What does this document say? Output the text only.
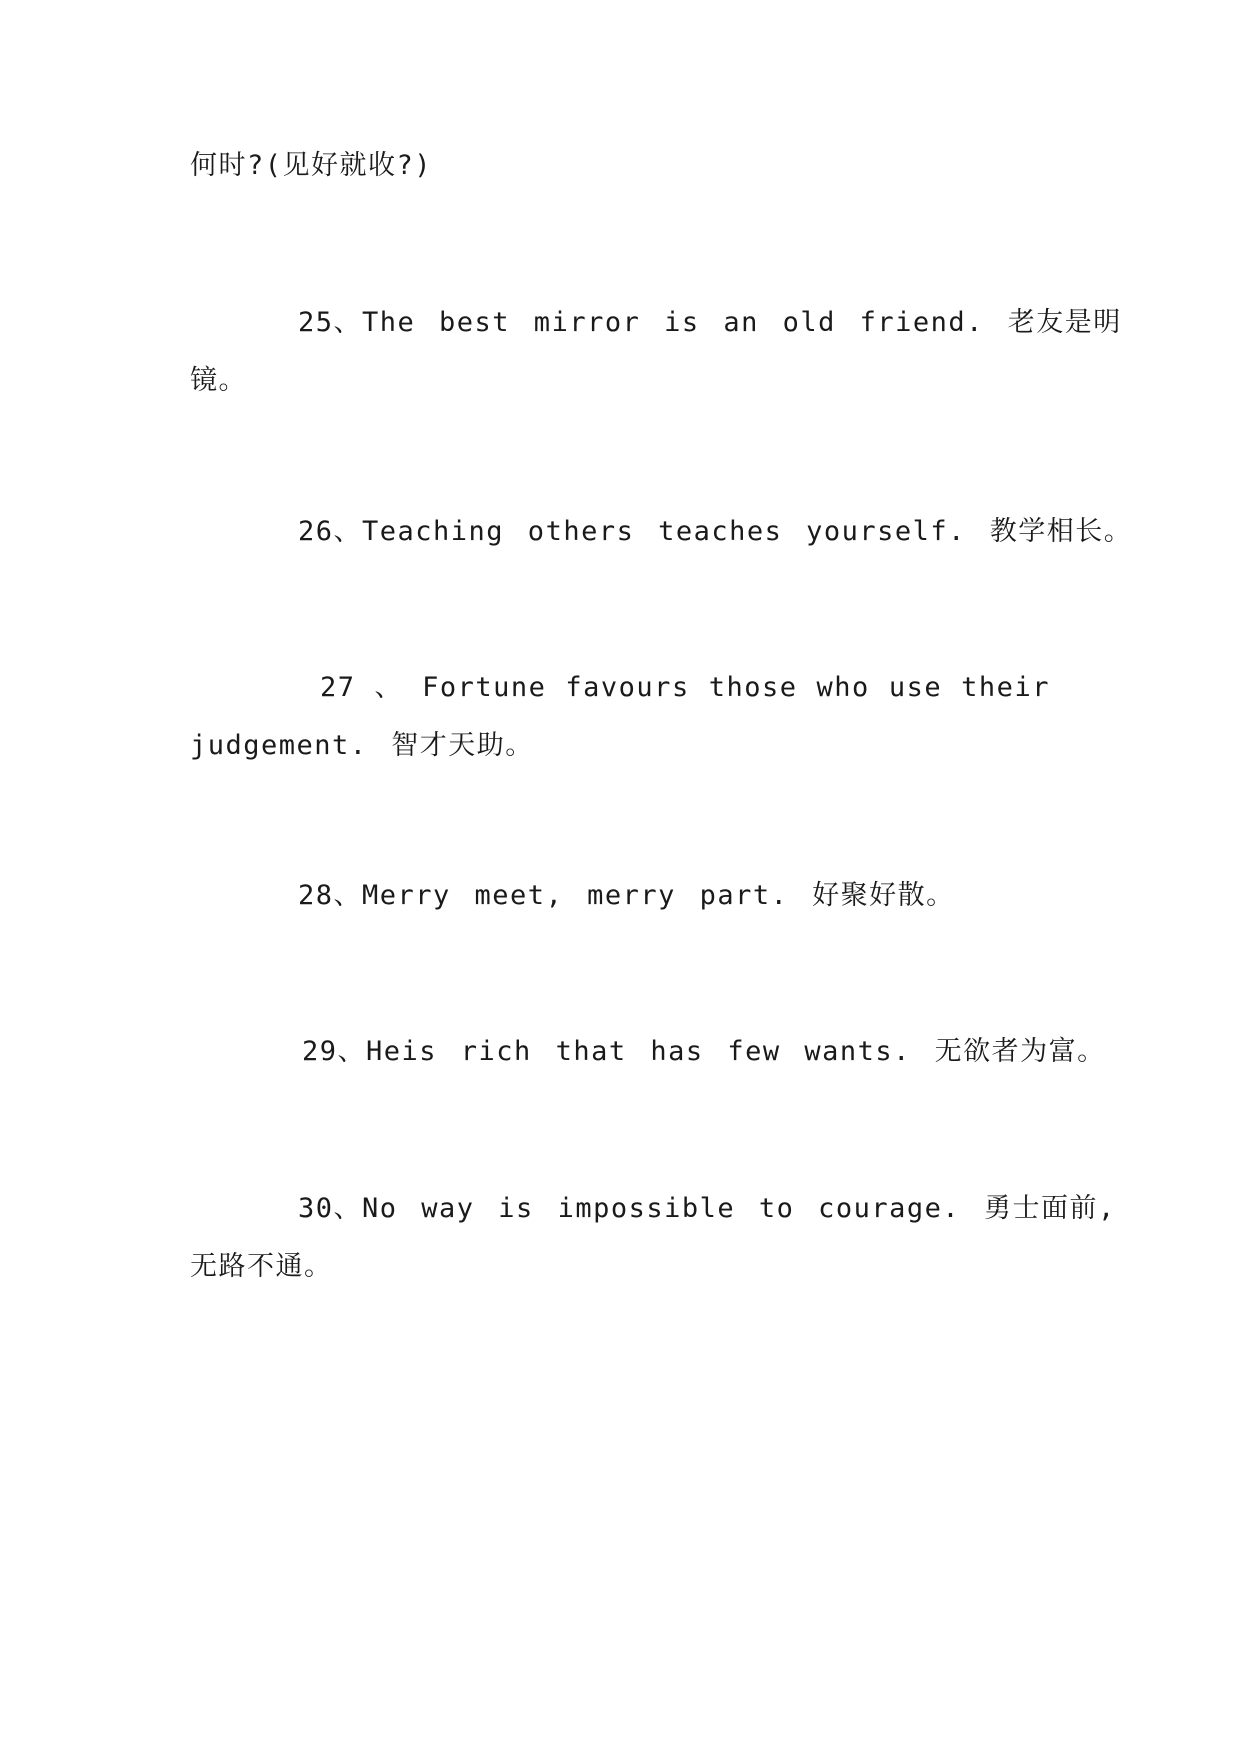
何时?(见好就收?)

25、The best mirror is an old friend. 老友是明
镜。

26、Teaching others teaches yourself. 教学相长。

27 、 Fortune favours those who use their
judgement. 智才天助。

28、Merry meet, merry part. 好聚好散。

29、Heis rich that has few wants. 无欲者为富。

30、No way is impossible to courage. 勇士面前,
无路不通。
